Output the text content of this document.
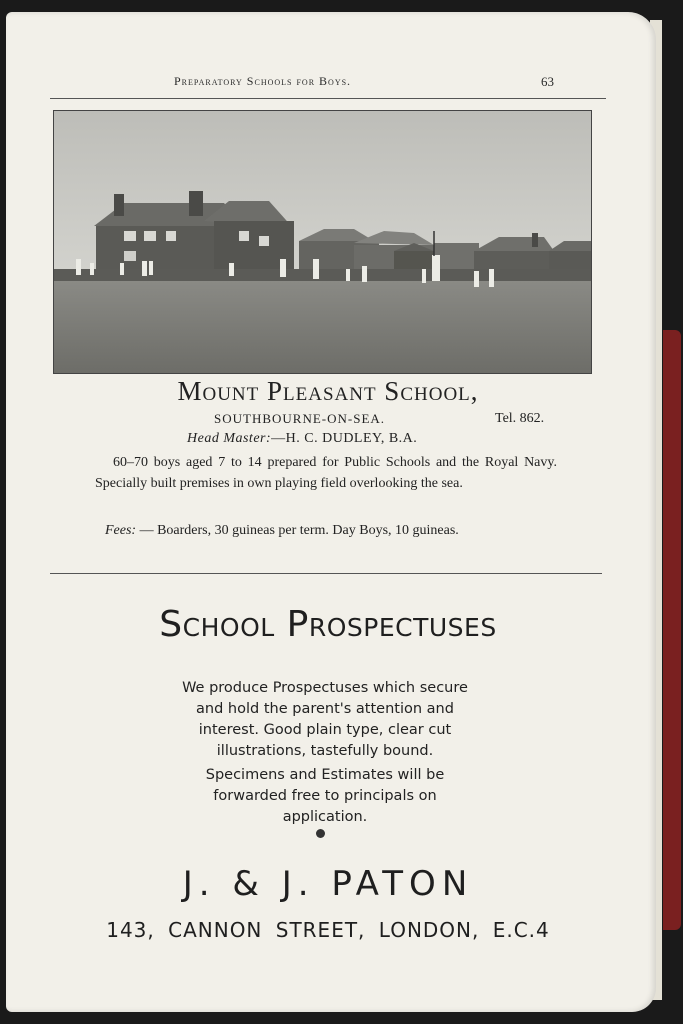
Preparatory Schools for Boys.	63
Mount Pleasant School,
SOUTHBOURNE-ON-SEA.	Tel. 862.
Head Master:—H. C. DUDLEY, B.A.
60–70 boys aged 7 to 14 prepared for Public Schools and the Royal Navy. Specially built premises in own playing field overlooking the sea.
Fees: — Boarders, 30 guineas per term. Day Boys, 10 guineas.
School Prospectuses
We produce Prospectuses which secure and hold the parent's attention and interest. Good plain type, clear cut illustrations, tastefully bound.
Specimens and Estimates will be forwarded free to principals on application.
J. & J. PATON
143, CANNON STREET, LONDON, E.C.4
